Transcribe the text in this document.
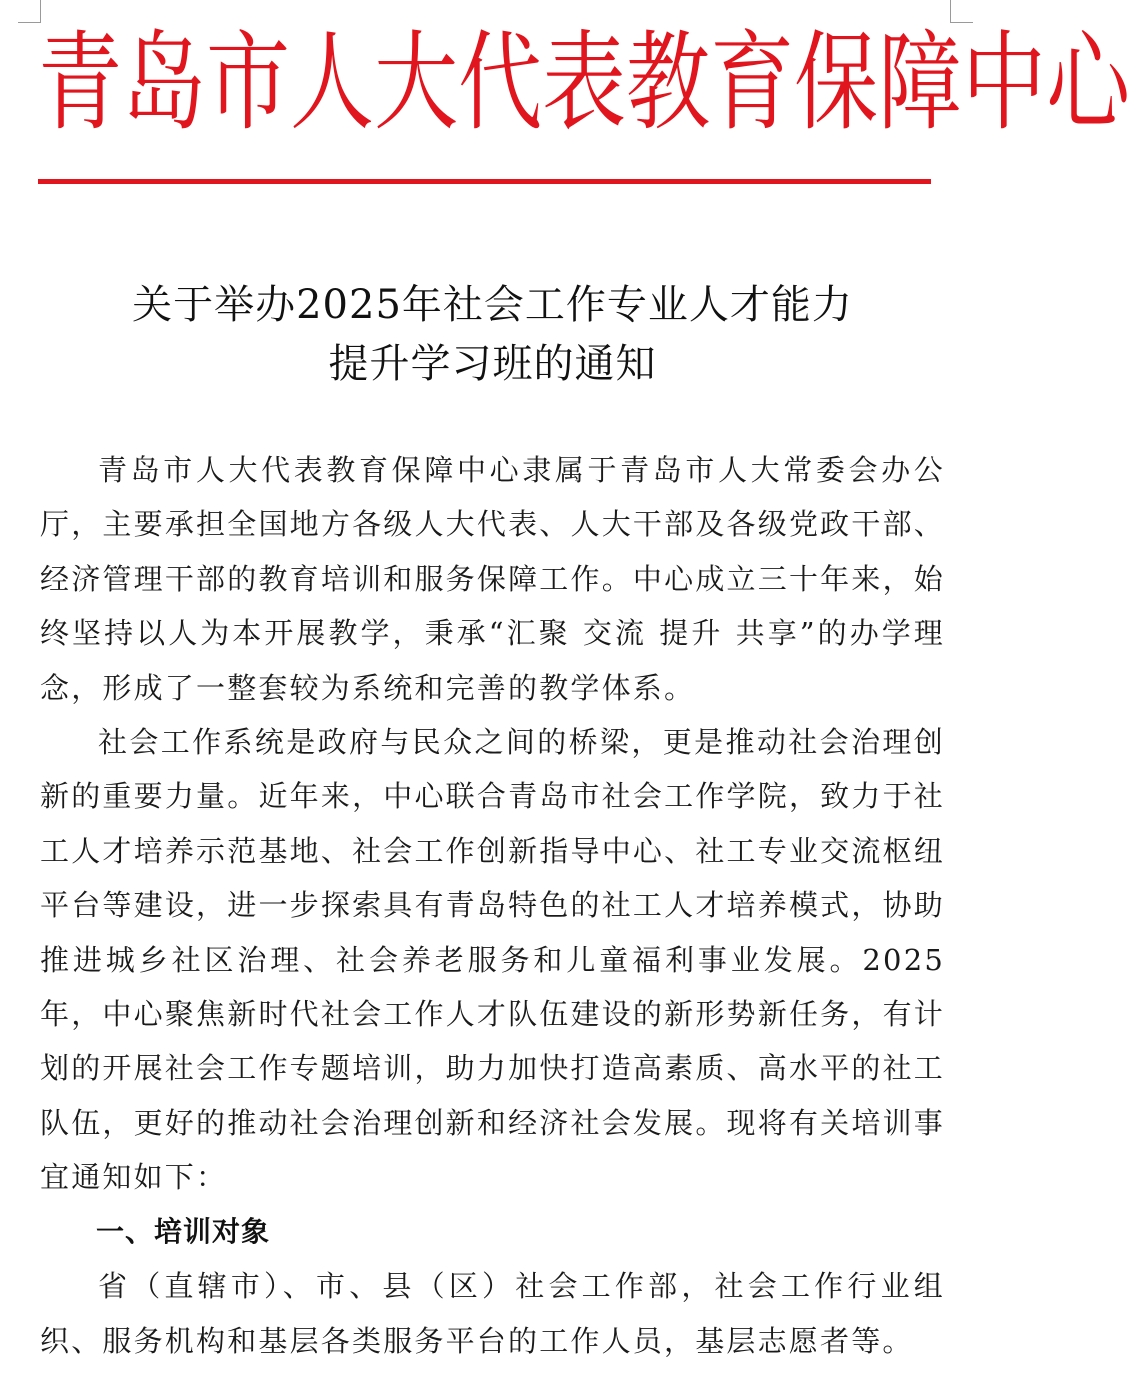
青 岛 市 人 大 代 表 教 育 保 障 中 心
关于举办2025年社会工作专业人才能力
提升学习班的通知

青岛市人大代表教育保障中心隶属于青岛市人大常委会办公厅，主要承担全国地方各级人大代表、人大干部及各级党政干部、经济管理干部的教育培训和服务保障工作。中心成立三十年来，始终坚持以人为本开展教学，秉承“汇聚 交流 提升 共享”的办学理念，形成了一整套较为系统和完善的教学体系。

社会工作系统是政府与民众之间的桥梁，更是推动社会治理创新的重要力量。近年来，中心联合青岛市社会工作学院，致力于社工人才培养示范基地、社会工作创新指导中心、社工专业交流枢纽平台等建设，进一步探索具有青岛特色的社工人才培养模式，协助推进城乡社区治理、社会养老服务和儿童福利事业发展。2025年，中心聚焦新时代社会工作人才队伍建设的新形势新任务，有计划的开展社会工作专题培训，助力加快打造高素质、高水平的社工队伍，更好的推动社会治理创新和经济社会发展。现将有关培训事宜通知如下：

一、培训对象

省（直辖市）、市、县（区）社会工作部，社会工作行业组织、服务机构和基层各类服务平台的工作人员，基层志愿者等。
